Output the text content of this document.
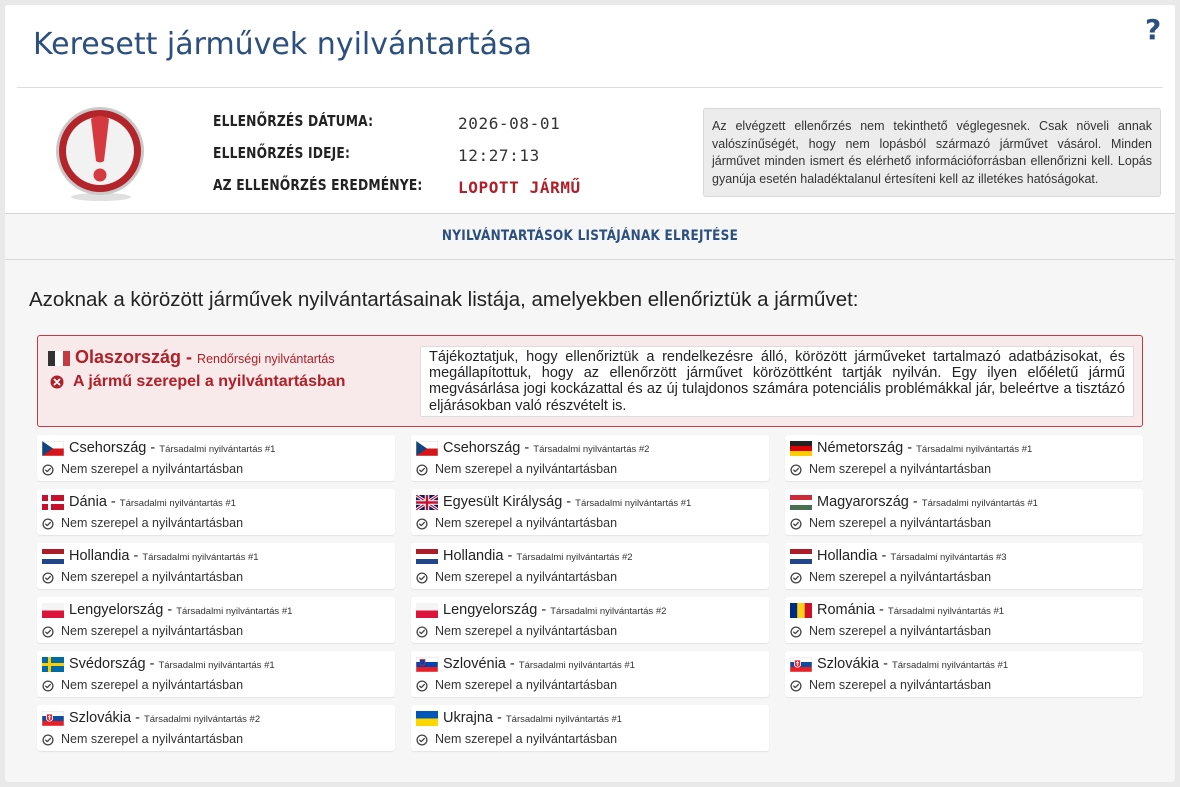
Keresett járművek nyilvántartása	?
ELLENŐRZÉS DÁTUMA:	2026-08-01
ELLENŐRZÉS IDEJE:	12:27:13
AZ ELLENŐRZÉS EREDMÉNYE: LOPOTT JÁRMŰ
Az elvégzett ellenőrzés nem tekinthető véglegesnek. Csak növeli annak valószínűségét, hogy nem lopásból származó járművet vásárol. Minden járművet minden ismert és elérhető információforrásban ellenőrizni kell. Lopás gyanúja esetén haladéktalanul értesíteni kell az illetékes hatóságokat.
NYILVÁNTARTÁSOK LISTÁJÁNAK ELREJTÉSE
Azoknak a körözött járművek nyilvántartásainak listája, amelyekben ellenőriztük a járművet:
Olaszország - Rendőrségi nyilvántartás
A jármű szerepel a nyilvántartásban
Tájékoztatjuk, hogy ellenőriztük a rendelkezésre álló, körözött járműveket tartalmazó adatbázisokat, és megállapítottuk, hogy az ellenőrzött járművet körözöttként tartják nyilván. Egy ilyen előéletű jármű megvásárlása jogi kockázattal és az új tulajdonos számára potenciális problémákkal jár, beleértve a tisztázó eljárásokban való részvételt is.
Csehország - Társadalmi nyilvántartás #1
Nem szerepel a nyilvántartásban
Csehország - Társadalmi nyilvántartás #2
Nem szerepel a nyilvántartásban
Németország - Társadalmi nyilvántartás #1
Nem szerepel a nyilvántartásban
Dánia - Társadalmi nyilvántartás #1
Nem szerepel a nyilvántartásban
Egyesült Királyság - Társadalmi nyilvántartás #1
Nem szerepel a nyilvántartásban
Magyarország - Társadalmi nyilvántartás #1
Nem szerepel a nyilvántartásban
Hollandia - Társadalmi nyilvántartás #1
Nem szerepel a nyilvántartásban
Hollandia - Társadalmi nyilvántartás #2
Nem szerepel a nyilvántartásban
Hollandia - Társadalmi nyilvántartás #3
Nem szerepel a nyilvántartásban
Lengyelország - Társadalmi nyilvántartás #1
Nem szerepel a nyilvántartásban
Lengyelország - Társadalmi nyilvántartás #2
Nem szerepel a nyilvántartásban
Románia - Társadalmi nyilvántartás #1
Nem szerepel a nyilvántartásban
Svédország - Társadalmi nyilvántartás #1
Nem szerepel a nyilvántartásban
Szlovénia - Társadalmi nyilvántartás #1
Nem szerepel a nyilvántartásban
Szlovákia - Társadalmi nyilvántartás #1
Nem szerepel a nyilvántartásban
Szlovákia - Társadalmi nyilvántartás #2
Nem szerepel a nyilvántartásban
Ukrajna - Társadalmi nyilvántartás #1
Nem szerepel a nyilvántartásban
